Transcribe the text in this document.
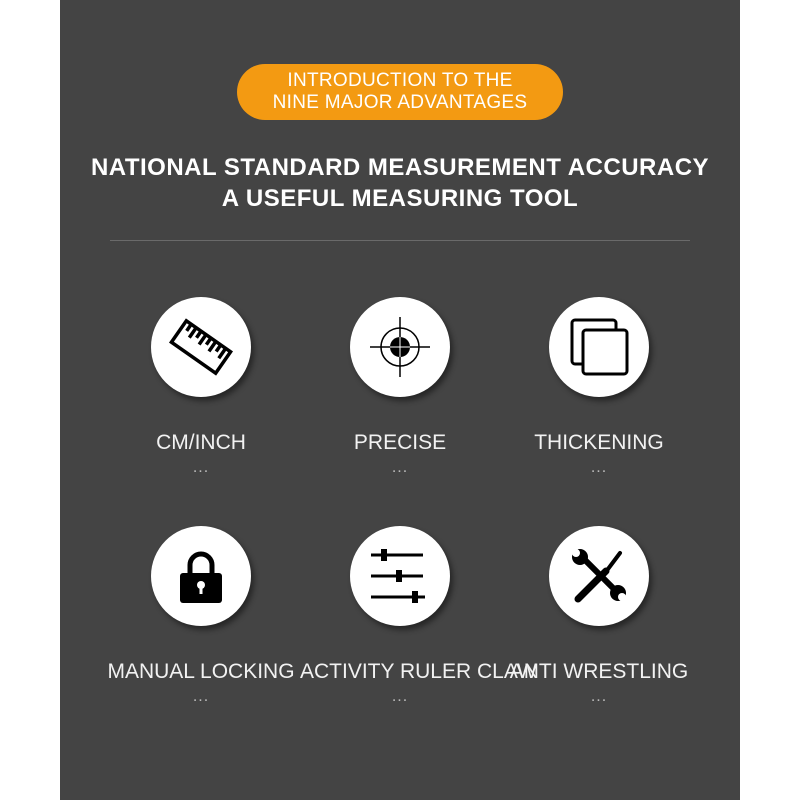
INTRODUCTION TO THE
NINE MAJOR ADVANTAGES
NATIONAL STANDARD MEASUREMENT ACCURACY
A USEFUL MEASURING TOOL
CM/INCH
...
PRECISE
...
THICKENING
...
MANUAL LOCKING
...
ACTIVITY RULER CLAW
...
ANTI WRESTLING
...
